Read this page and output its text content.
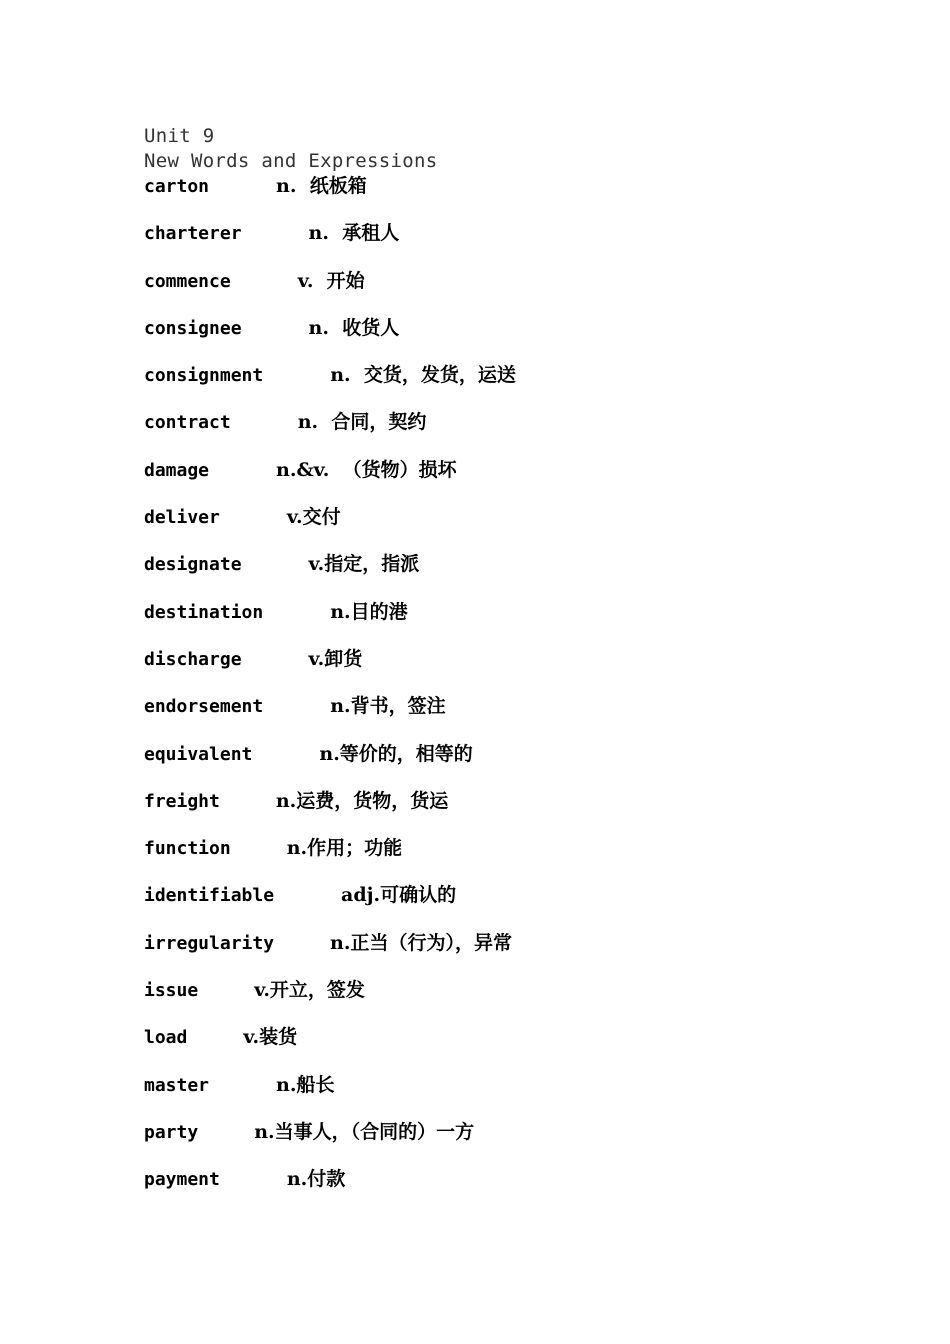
Unit 9
New Words and Expressions
carton	n.  纸板箱
charterer	n.  承租人
commence	v.  开始
consignee	n.  收货人
consignment	n.  交货，发货，运送
contract	n.  合同，契约
damage	n.&v.  （货物）损坏
deliver	v.交付
designate	v.指定，指派
destination	n.目的港
discharge	v.卸货
endorsement	n.背书，签注
equivalent	n.等价的，相等的
freight	n.运费，货物，货运
function	n.作用；功能
identifiable	adj.可确认的
irregularity	n.正当（行为），异常
issue	v.开立，签发
load	v.装货
master	n.船长
party	n.当事人，（合同的）一方
payment	n.付款
